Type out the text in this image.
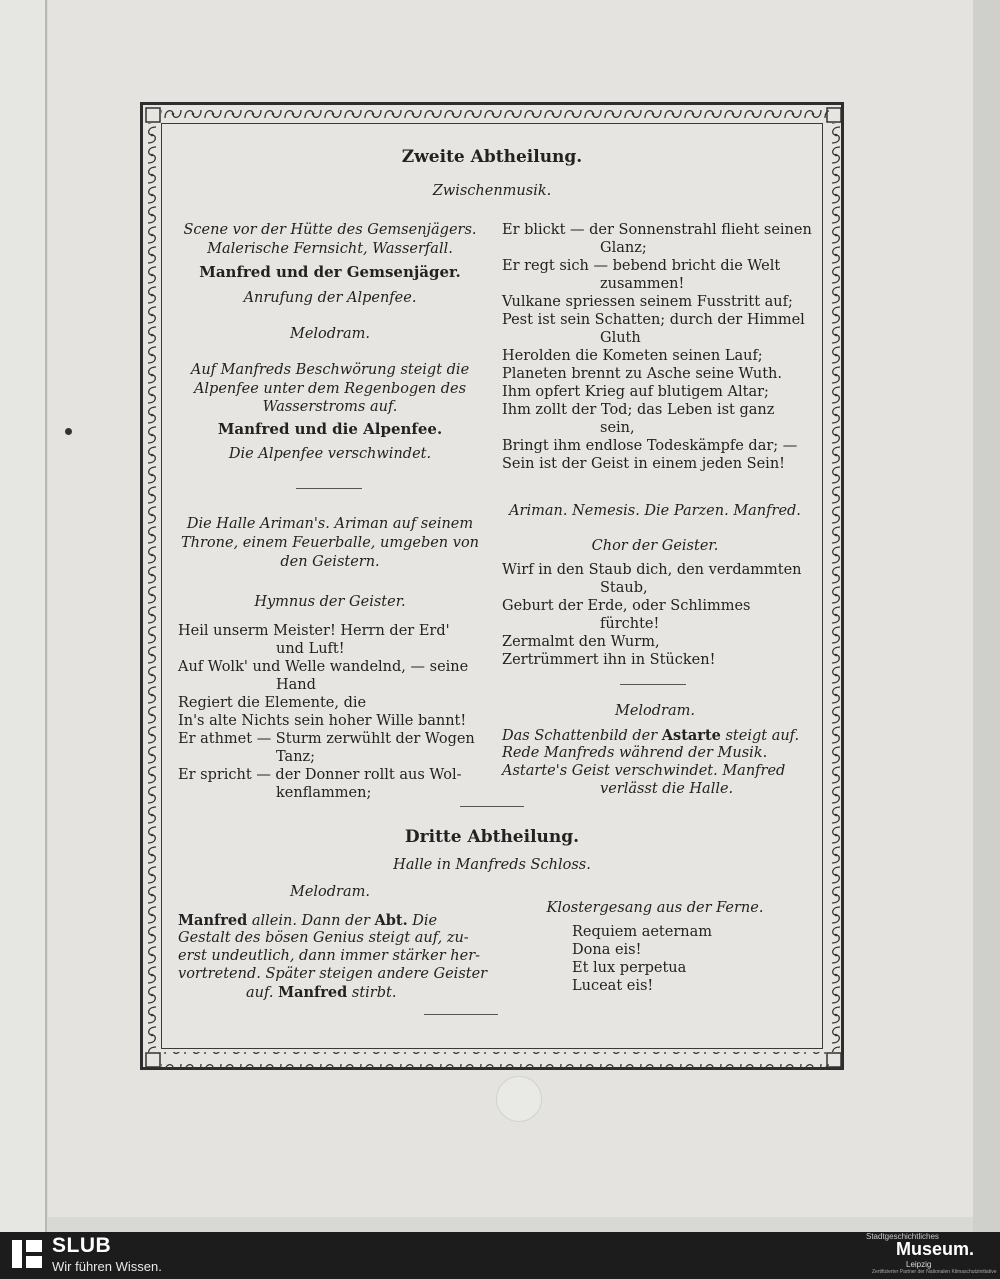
Zweite Abtheilung.
Zwischenmusik.
Scene vor der Hütte des Gemsenjägers.
Malerische Fernsicht, Wasserfall.
Manfred und der Gemsenjäger.
Anrufung der Alpenfee.
Melodram.
Auf Manfreds Beschwörung steigt die
Alpenfee unter dem Regenbogen des
Wasserstroms auf.
Manfred und die Alpenfee.
Die Alpenfee verschwindet.
Die Halle Ariman's. Ariman auf seinem
Throne, einem Feuerballe, umgeben von
den Geistern.
Hymnus der Geister.
Heil unserm Meister! Herrn der Erd'
und Luft!
Auf Wolk' und Welle wandelnd, — seine
Hand
Regiert die Elemente, die
In's alte Nichts sein hoher Wille bannt!
Er athmet — Sturm zerwühlt der Wogen
Tanz;
Er spricht — der Donner rollt aus Wol-
kenflammen;
Er blickt — der Sonnenstrahl flieht seinen
Glanz;
Er regt sich — bebend bricht die Welt
zusammen!
Vulkane spriessen seinem Fusstritt auf;
Pest ist sein Schatten; durch der Himmel
Gluth
Herolden die Kometen seinen Lauf;
Planeten brennt zu Asche seine Wuth.
Ihm opfert Krieg auf blutigem Altar;
Ihm zollt der Tod; das Leben ist ganz
sein,
Bringt ihm endlose Todeskämpfe dar; —
Sein ist der Geist in einem jeden Sein!
Ariman. Nemesis. Die Parzen. Manfred.
Chor der Geister.
Wirf in den Staub dich, den verdammten
Staub,
Geburt der Erde, oder Schlimmes
fürchte!
Zermalmt den Wurm,
Zertrümmert ihn in Stücken!
Melodram.
Das Schattenbild der Astarte steigt auf.
Rede Manfreds während der Musik.
Astarte's Geist verschwindet. Manfred
verlässt die Halle.
Dritte Abtheilung.
Halle in Manfreds Schloss.
Melodram.
Manfred allein. Dann der Abt. Die
Gestalt des bösen Genius steigt auf, zu-
erst undeutlich, dann immer stärker her-
vortretend. Später steigen andere Geister
auf. Manfred stirbt.
Klostergesang aus der Ferne.
Requiem aeternam
Dona eis!
Et lux perpetua
Luceat eis!
SLUB
Wir führen Wissen.
Stadtgeschichtliches
Museum.
Leipzig
Zertifizierter Partner der Nationalen Klimaschutzinitiative
